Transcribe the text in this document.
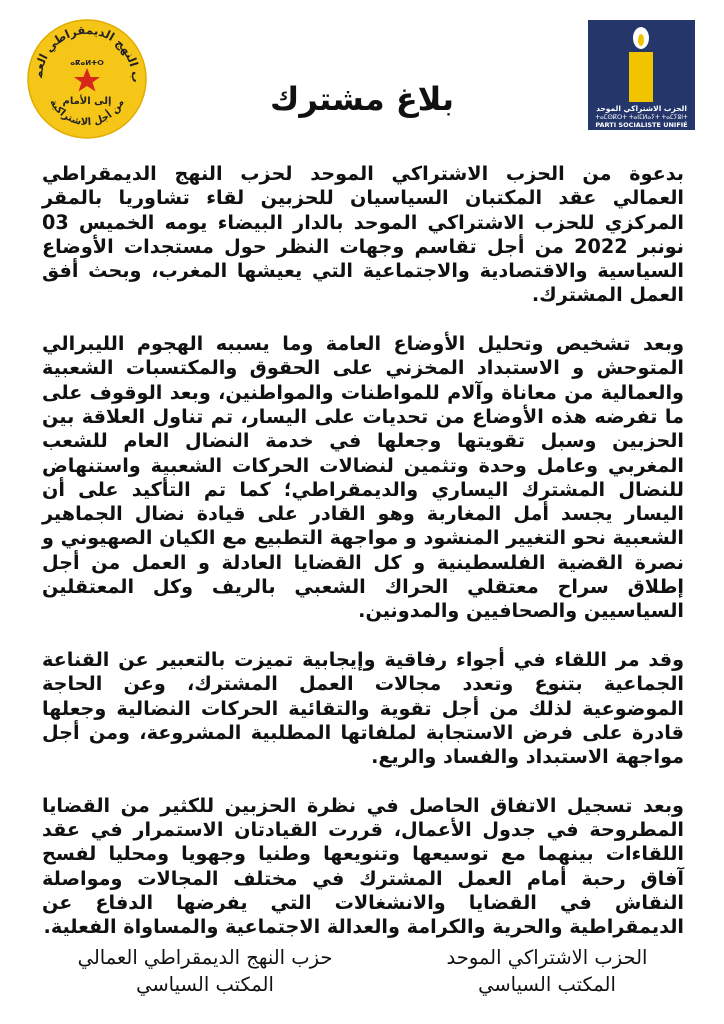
ب النهج الديمقراطي العم
من أجل الاشتراكية
ⴰⴽⴰⵍⵜⵔ
إلى الأمام
الحزب الاشتراكي الموحد
ⵜⴰⵎⵙⴽⵔⵜ ⵜⴰⵏⵎⵍⴰⵢⵜ ⵜⴰⵎⵢⵓⵏⵜ
PARTI SOCIALISTE UNIFIÉ
بلاغ مشترك

بدعوة من الحزب الاشتراكي الموحد لحزب النهج الديمقراطي العمالي عقد المكتبان السياسيان للحزبين لقاء تشاوريا بالمقر المركزي للحزب الاشتراكي الموحد بالدار البيضاء يومه الخميس 03 نونبر 2022 من أجل تقاسم وجهات النظر حول مستجدات الأوضاع السياسية والاقتصادية والاجتماعية التي يعيشها المغرب، وبحث أفق العمل المشترك.

وبعد تشخيص وتحليل الأوضاع العامة وما يسببه الهجوم الليبرالي المتوحش و الاستبداد المخزني على الحقوق والمكتسبات الشعبية والعمالية من معاناة وآلام للمواطنات والمواطنين، وبعد الوقوف على ما تفرضه هذه الأوضاع من تحديات على اليسار، تم تناول العلاقة بين الحزبين وسبل تقويتها وجعلها في خدمة النضال العام للشعب المغربي وعامل وحدة وتثمين لنضالات الحركات الشعبية واستنهاض للنضال المشترك اليساري والديمقراطي؛ كما تم التأكيد على أن اليسار يجسد أمل المغاربة وهو القادر على قيادة نضال الجماهير الشعبية نحو التغيير المنشود و مواجهة التطبيع مع الكيان الصهيوني و نصرة القضية الفلسطينية و كل القضايا العادلة و العمل من أجل إطلاق سراح معتقلي الحراك الشعبي بالريف وكل المعتقلين السياسيين والصحافيين والمدونين.

وقد مر اللقاء في أجواء رفاقية وإيجابية تميزت بالتعبير عن القناعة الجماعية بتنوع وتعدد مجالات العمل المشترك، وعن الحاجة الموضوعية لذلك من أجل تقوية والتقائية الحركات النضالية وجعلها قادرة على فرض الاستجابة لملفاتها المطلبية المشروعة، ومن أجل مواجهة الاستبداد والفساد والريع.

وبعد تسجيل الاتفاق الحاصل في نظرة الحزبين للكثير من القضايا المطروحة في جدول الأعمال، قررت القيادتان الاستمرار في عقد اللقاءات بينهما مع توسيعها وتنويعها وطنيا وجهويا ومحليا لفسح آفاق رحبة أمام العمل المشترك في مختلف المجالات ومواصلة النقاش في القضايا والانشغالات التي يفرضها الدفاع عن الديمقراطية والحرية والكرامة والعدالة الاجتماعية والمساواة الفعلية.

الحزب الاشتراكي الموحد
المكتب السياسي
حزب النهج الديمقراطي العمالي
المكتب السياسي
